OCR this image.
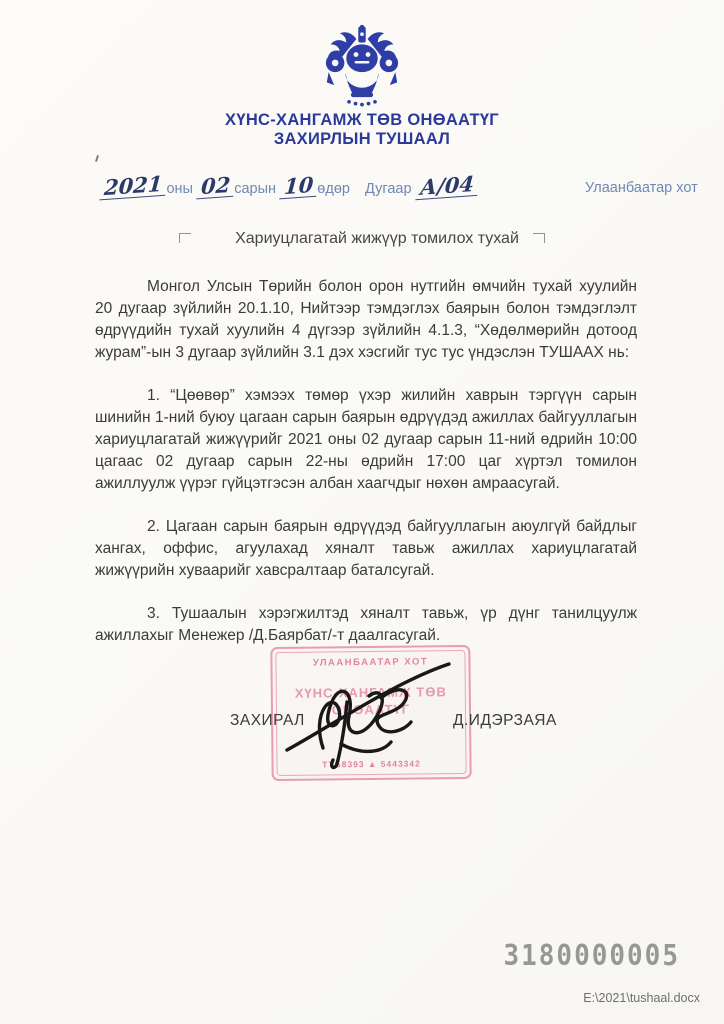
ХҮНС-ХАНГАМЖ ТӨВ ОНӨААТҮГ
ЗАХИРЛЫН ТУШААЛ
2021 оны 02 сарын 10 өдөр Дугаар А/04	Улаанбаатар хот
Хариуцлагатай жижүүр томилох тухай

Монгол Улсын Төрийн болон орон нутгийн өмчийн тухай хуулийн 20 дугаар зүйлийн 20.1.10, Нийтээр тэмдэглэх баярын болон тэмдэглэлт өдрүүдийн тухай хуулийн 4 дүгээр зүйлийн 4.1.3, “Хөдөлмөрийн дотоод журам”-ын 3 дугаар зүйлийн 3.1 дэх хэсгийг тус тус үндэслэн ТУШААХ нь:

1. “Цөөвөр” хэмээх төмөр үхэр жилийн хаврын тэргүүн сарын шинийн 1-ний буюу цагаан сарын баярын өдрүүдэд ажиллах байгууллагын хариуцлагатай жижүүрийг 2021 оны 02 дугаар сарын 11-ний өдрийн 10:00 цагаас 02 дугаар сарын 22-ны өдрийн 17:00 цаг хүртэл томилон ажиллуулж үүрэг гүйцэтгэсэн албан хаагчдыг нөхөн амраасугай.

2. Цагаан сарын баярын өдрүүдэд байгууллагын аюулгүй байдлыг хангах, оффис, агуулахад хяналт тавьж ажиллах хариуцлагатай жижүүрийн хуваарийг хавсралтаар баталсугай.

3. Тушаалын хэрэгжилтэд хяналт тавьж, үр дүнг танилцуулж ажиллахыг Менежер /Д.Баярбат/-т даалгасугай.

УЛААНБААТАР ХОТ
ХҮНС-ХАНГАМЖ ТӨВ ОНӨААТҮГ
ТТБ8393 ▲ 5443342
ЗАХИРАЛ	Д.ИДЭРЗАЯА
3180000005
E:\2021\tushaal.docx
